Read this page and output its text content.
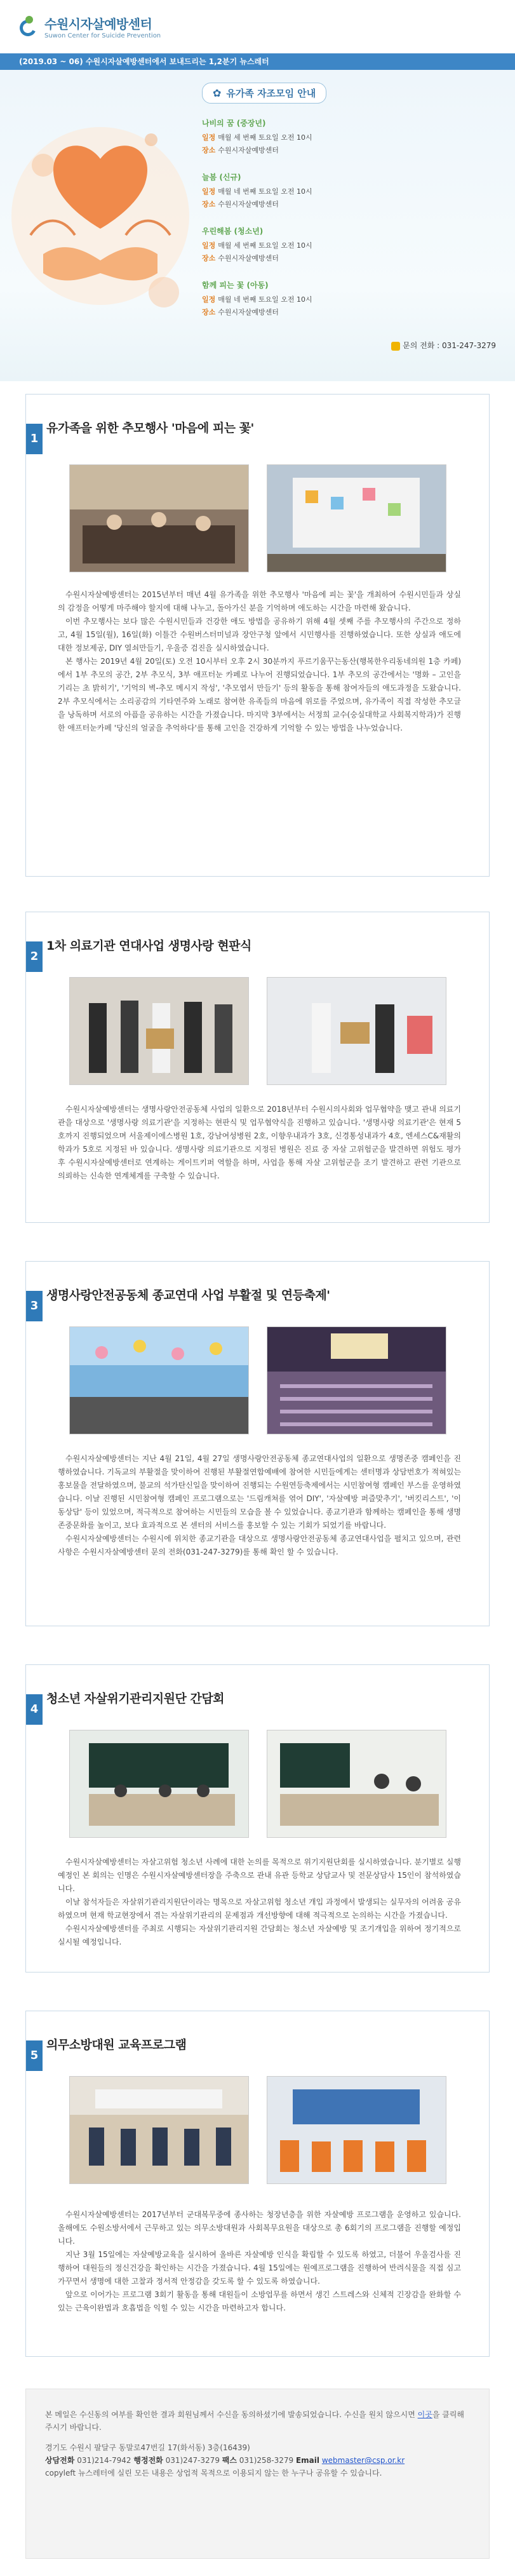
수원시자살예방센터
Suwon Center for Suicide Prevention
(2019.03 ~ 06) 수원시자살예방센터에서 보내드리는 1,2분기 뉴스레터
✿ 유가족 자조모임 안내
나비의 꿈 (중장년)
일정 매월 세 번째 토요일 오전 10시
장소 수원시자살예방센터
늘봄 (신규)
일정 매월 네 번째 토요일 오전 10시
장소 수원시자살예방센터
우린해봄 (청소년)
일정 매월 세 번째 토요일 오전 10시
장소 수원시자살예방센터
함께 피는 꽃 (아동)
일정 매월 네 번째 토요일 오전 10시
장소 수원시자살예방센터
문의 전화 : 031-247-3279
1
유가족을 위한 추모행사 '마음에 피는 꽃'

수원시자살예방센터는 2015년부터 매년 4월 유가족을 위한 추모행사 '마음에 피는 꽃'을 개최하여 수원시민들과 상실의 감정을 어떻게 마주해야 할지에 대해 나누고, 돌아가신 분을 기억하며 애도하는 시간을 마련해 왔습니다.

이번 추모행사는 보다 많은 수원시민들과 건강한 애도 방법을 공유하기 위해 4월 셋째 주를 추모행사의 주간으로 정하고, 4월 15일(월), 16일(화) 이틀간 수원버스터미널과 장안구청 앞에서 시민행사를 진행하였습니다. 또한 상실과 애도에 대한 정보제공, DIY 열쇠만들기, 우울증 검진을 실시하였습니다.

본 행사는 2019년 4월 20일(토) 오전 10시부터 오후 2시 30분까지 푸르기움꾸는동산(행복한우리동네의원 1층 카페)에서 1부 추모의 공간, 2부 추모식, 3부 애프터눈 카페로 나누어 진행되었습니다. 1부 추모의 공간에서는 '명화 – 고인을 기리는 초 밝히기', '기억의 벽-추모 메시지 작성', '추모엽서 만들기' 등의 활동을 통해 참여자들의 애도과정을 도왔습니다. 2부 추모식에서는 소리공감의 기타연주와 노래로 참여한 유족들의 마음에 위로를 주었으며, 유가족이 직접 작성한 추모글을 낭독하며 서로의 아픔을 공유하는 시간을 가졌습니다. 마지막 3부에서는 서정희 교수(숭실대학교 사회복지학과)가 진행한 애프터눈카페 '당신의 얼굴을 추억하다'를 통해 고인을 건강하게 기억할 수 있는 방법을 나누었습니다.

2
1차 의료기관 연대사업 생명사랑 현판식

수원시자살예방센터는 생명사랑안전공동체 사업의 일환으로 2018년부터 수원시의사회와 업무협약을 맺고 관내 의료기관을 대상으로 '생명사랑 의료기관'을 지정하는 현판식 및 업무협약식을 진행하고 있습니다. '생명사랑 의료기관'은 현재 5호까지 진행되었으며 서울제이에스병원 1호, 강남여성병원 2호, 이향우내과가 3호, 신경통성내과가 4호, 엔세스C&재활의학과가 5호로 지정된 바 있습니다. 생명사랑 의료기관으로 지정된 병원은 진료 중 자살 고위험군을 발견하면 위험도 평가 후 수원시자살예방센터로 연계하는 게이트키퍼 역할을 하며, 사업을 통해 자살 고위험군을 조기 발견하고 관련 기관으로 의뢰하는 신속한 연계체계를 구축할 수 있습니다.

3
생명사랑안전공동체 종교연대 사업 부활절 및 연등축제'

수원시자살예방센터는 지난 4월 21일, 4월 27일 생명사랑안전공동체 종교연대사업의 일환으로 생명존중 캠페인을 진행하였습니다. 기독교의 부활절을 맞이하여 진행된 부활절연합예배에 참여한 시민들에게는 센터명과 상담번호가 적혀있는 홍보물을 전달하였으며, 불교의 석가탄신일을 맞이하여 진행되는 수원연등축제에서는 시민참여형 캠페인 부스를 운영하였습니다. 이날 진행된 시민참여형 캠페인 프로그램으로는 '드림캐쳐를 엮어 DIY', '자살예방 퍼즐맞추기', '버킷리스트', '이동상담' 등이 있었으며, 적극적으로 참여하는 시민들의 모습을 볼 수 있었습니다. 종교기관과 함께하는 캠페인을 통해 생명존중문화를 높이고, 보다 효과적으로 본 센터의 서비스를 홍보할 수 있는 기회가 되었기를 바랍니다.

수원시자살예방센터는 수원시에 위치한 종교기관을 대상으로 생명사랑안전공동체 종교연대사업을 펼치고 있으며, 관련 사항은 수원시자살예방센터 문의 전화(031-247-3279)를 통해 확인 할 수 있습니다.

4
청소년 자살위기관리지원단 간담회

수원시자살예방센터는 자살고위험 청소년 사례에 대한 논의를 목적으로 위기지원단회를 실시하였습니다. 분기별로 실행예정인 본 회의는 인명은 수원시자살예방센터장을 주축으로 관내 유관 등학교 상담교사 및 전문상담사 15인이 참석하였습니다.

이날 참석자들은 자살위기관리지원단이라는 명목으로 자살고위험 청소년 개입 과정에서 발생되는 실무자의 어려움 공유하였으며 현재 학교현장에서 겪는 자살위기관리의 문제점과 개선방향에 대해 적극적으로 논의하는 시간을 가졌습니다.

수원시자살예방센터를 주최로 시행되는 자살위기관리지원 간담회는 청소년 자살예방 및 조기개입을 위하여 정기적으로 실시될 예정입니다.

5
의무소방대원 교육프로그램

수원시자살예방센터는 2017년부터 군대복무중에 종사하는 청장년층을 위한 자살예방 프로그램을 운영하고 있습니다. 올해에도 수원소방서에서 근무하고 있는 의무소방대원과 사회복무요원을 대상으로 총 6회기의 프로그램을 진행할 예정입니다.

지난 3월 15일에는 자살예방교육을 실시하여 올바른 자살예방 인식을 확립할 수 있도록 하였고, 더불어 우울검사를 진행하여 대원들의 정신건강을 확인하는 시간을 가졌습니다. 4월 15일에는 원예프로그램을 진행하여 반려식물을 직접 심고 가꾸면서 생명에 대한 고찰과 정서적 안정감을 갖도록 할 수 있도록 하였습니다.

앞으로 이어가는 프로그램 3회기 활동을 통해 대원들이 소방업무를 하면서 생긴 스트레스와 신체적 긴장감을 완화할 수 있는 근육이완법과 호흡법을 익힐 수 있는 시간을 마련하고자 합니다.

본 메일은 수신동의 여부를 확인한 결과 회원님께서 수신을 동의하셨기에 발송되었습니다. 수신을 원치 않으시면 이곳을 클릭해 주시기 바랍니다.
경기도 수원시 팔달구 동말로47번길 17(화서동) 3층(16439)
상담전화 031)214-7942 행정전화 031)247-3279 팩스 031)258-3279 Email webmaster@csp.or.kr
copyleft 뉴스레터에 실린 모든 내용은 상업적 목적으로 이용되지 않는 한 누구나 공유할 수 있습니다.
